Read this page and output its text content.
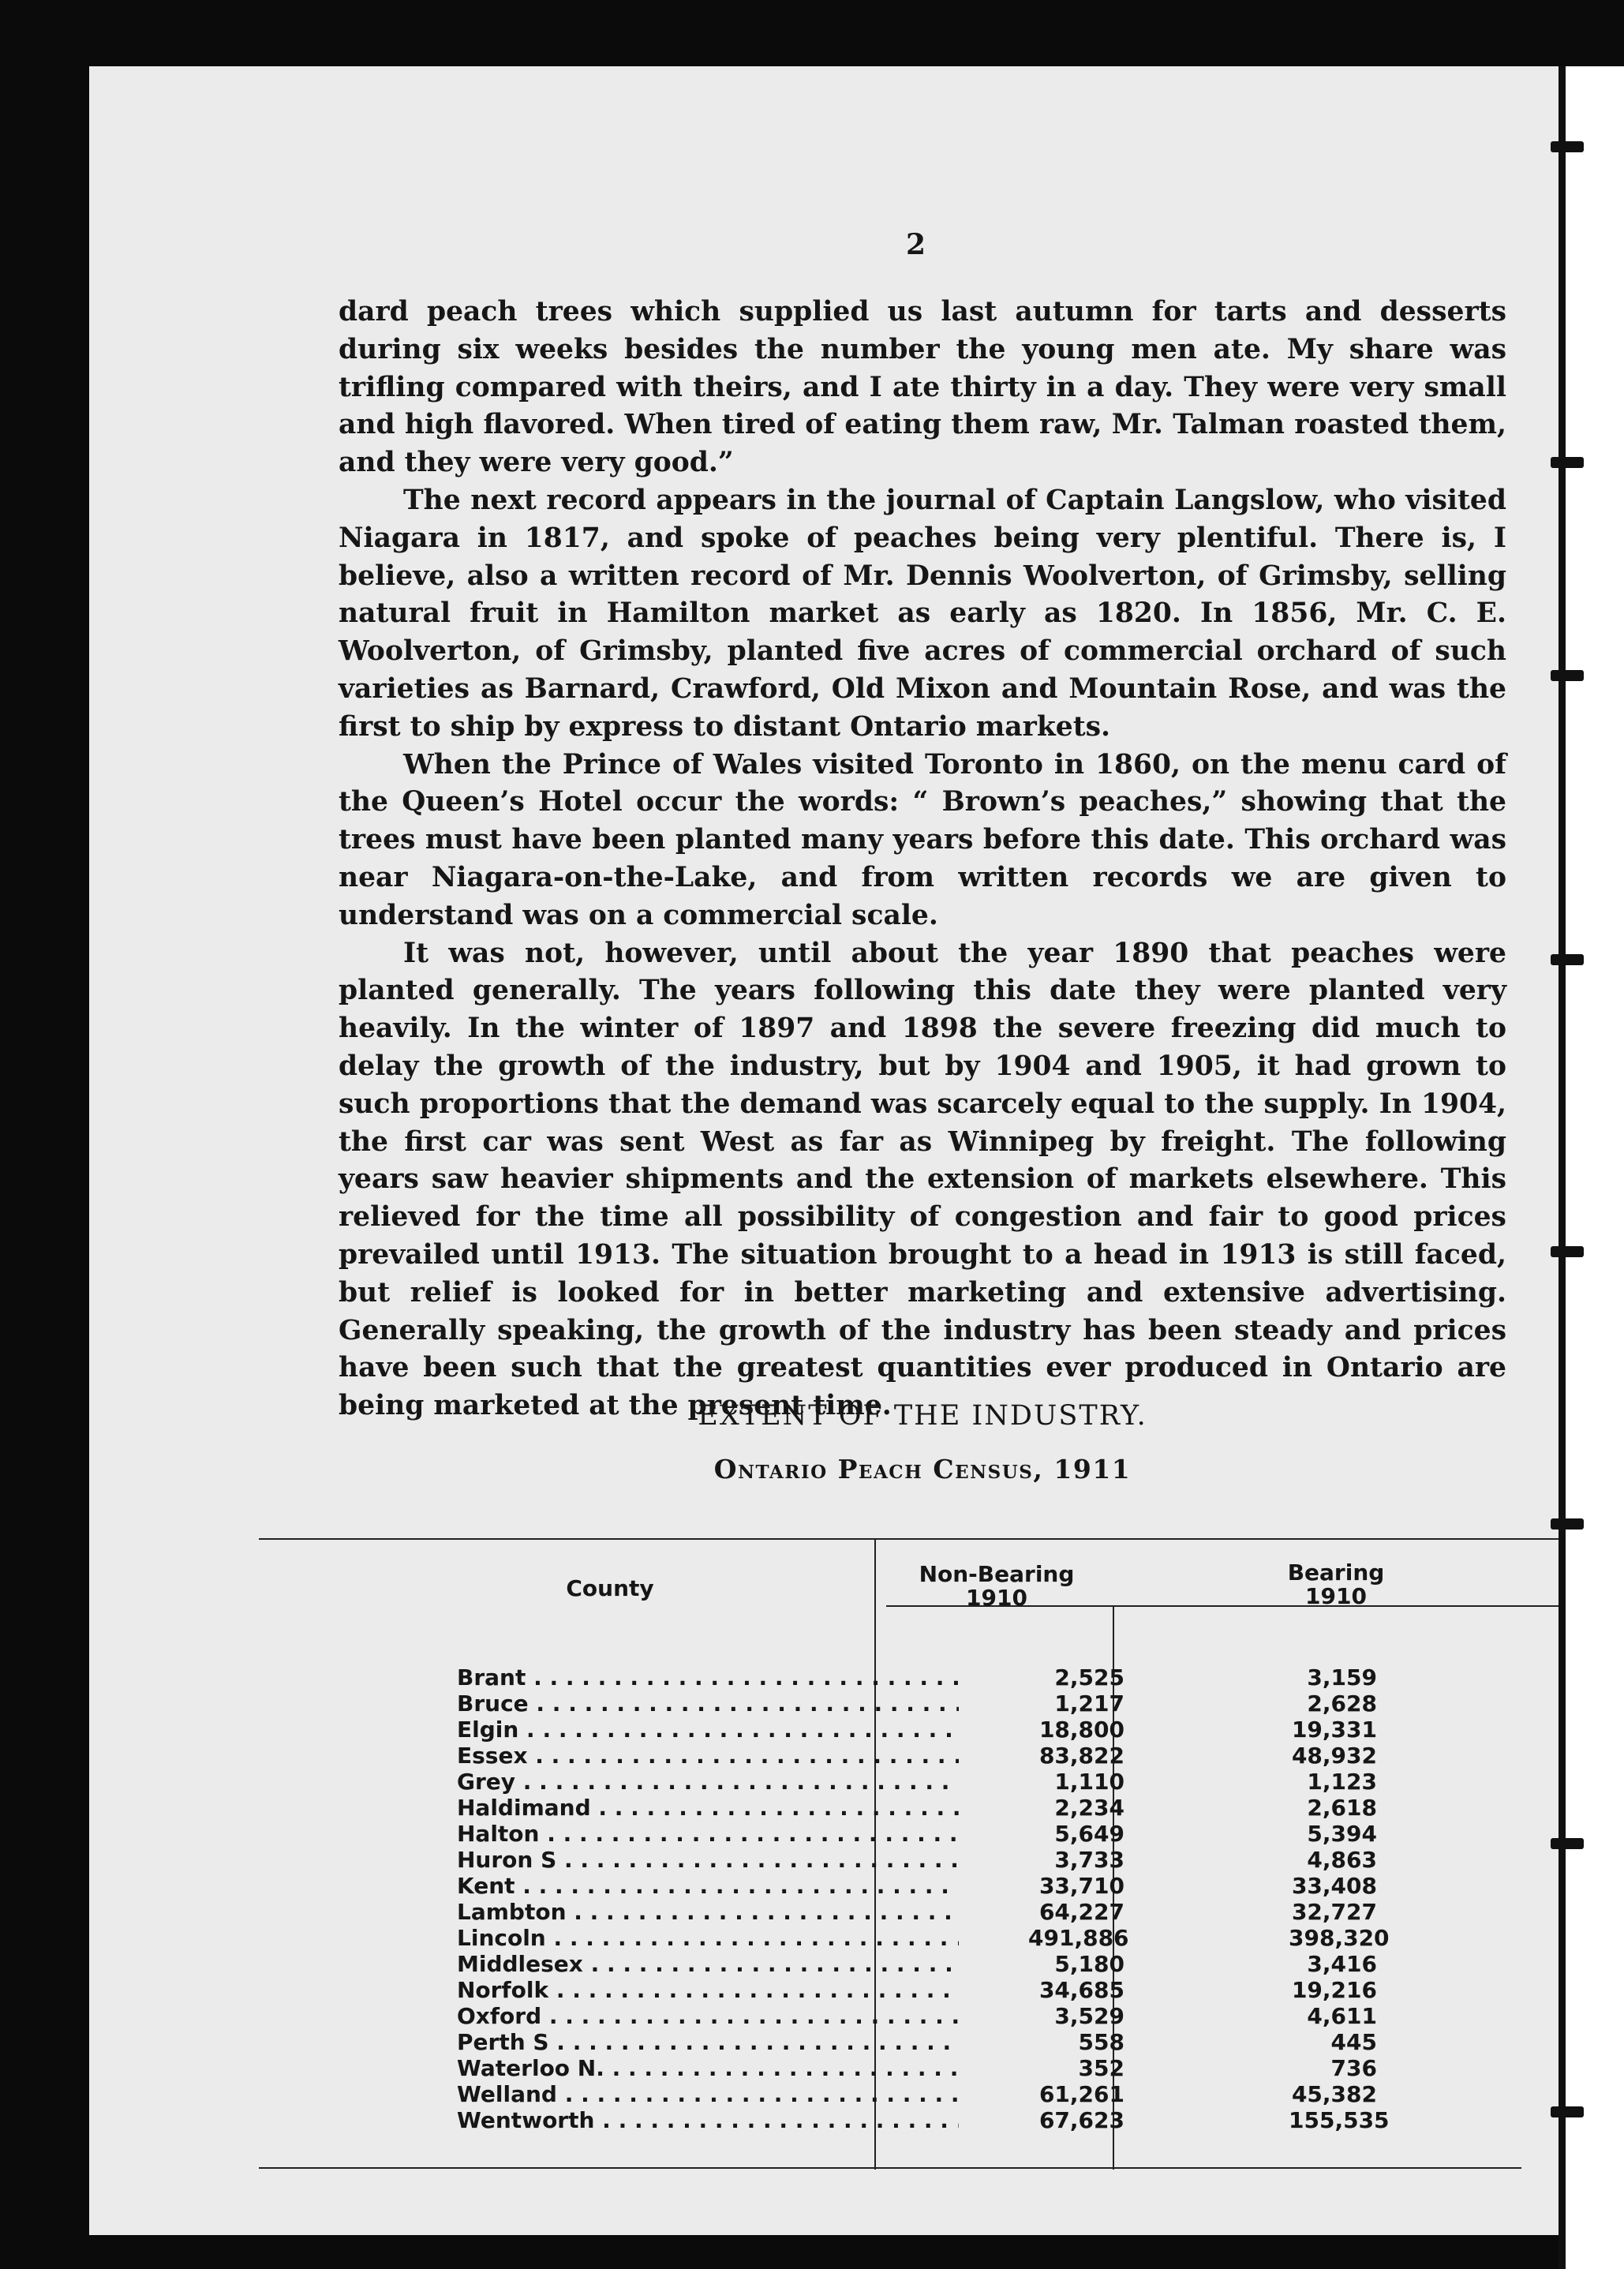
2

dard peach trees which supplied us last autumn for tarts and desserts during six weeks besides the number the young men ate. My share was trifling compared with theirs, and I ate thirty in a day. They were very small and high flavored. When tired of eating them raw, Mr. Talman roasted them, and they were very good.”

The next record appears in the journal of Captain Langslow, who visited Niagara in 1817, and spoke of peaches being very plentiful. There is, I believe, also a written record of Mr. Dennis Woolverton, of Grimsby, selling natural fruit in Hamilton market as early as 1820. In 1856, Mr. C. E. Woolverton, of Grimsby, planted five acres of commercial orchard of such varieties as Barnard, Crawford, Old Mixon and Mountain Rose, and was the first to ship by express to distant Ontario markets.

When the Prince of Wales visited Toronto in 1860, on the menu card of the Queen’s Hotel occur the words: “ Brown’s peaches,” showing that the trees must have been planted many years before this date. This orchard was near Niagara-on-the-Lake, and from written records we are given to understand was on a commercial scale.

It was not, however, until about the year 1890 that peaches were planted generally. The years following this date they were planted very heavily. In the winter of 1897 and 1898 the severe freezing did much to delay the growth of the industry, but by 1904 and 1905, it had grown to such proportions that the demand was scarcely equal to the supply. In 1904, the first car was sent West as far as Winnipeg by freight. The following years saw heavier shipments and the extension of markets elsewhere. This relieved for the time all possibility of congestion and fair to good prices prevailed until 1913. The situation brought to a head in 1913 is still faced, but relief is looked for in better marketing and extensive advertising. Generally speaking, the growth of the industry has been steady and prices have been such that the greatest quantities ever produced in Ontario are being marketed at the present time.

EXTENT OF THE INDUSTRY.
Ontario Peach Census, 1911
County
Non-Bearing
1910
Bearing
1910
Brant . . .	2,525	3,159
Bruce . . .	1,217	2,628
Elgin . . .	18,800	19,331
Essex . . .	83,822	48,932
Grey . . .	1,110	1,123
Haldimand . . .	2,234	2,618
Halton . . .	5,649	5,394
Huron S . . .	3,733	4,863
Kent . . .	33,710	33,408
Lambton . . .	64,227	32,727
Lincoln . . .	491,886	398,320
Middlesex . . .	5,180	3,416
Norfolk . . .	34,685	19,216
Oxford . . .	3,529	4,611
Perth S . . .	558	445
Waterloo N. . . .	352	736
Welland . . .	61,261	45,382
Wentworth . . .	67,623	155,535
